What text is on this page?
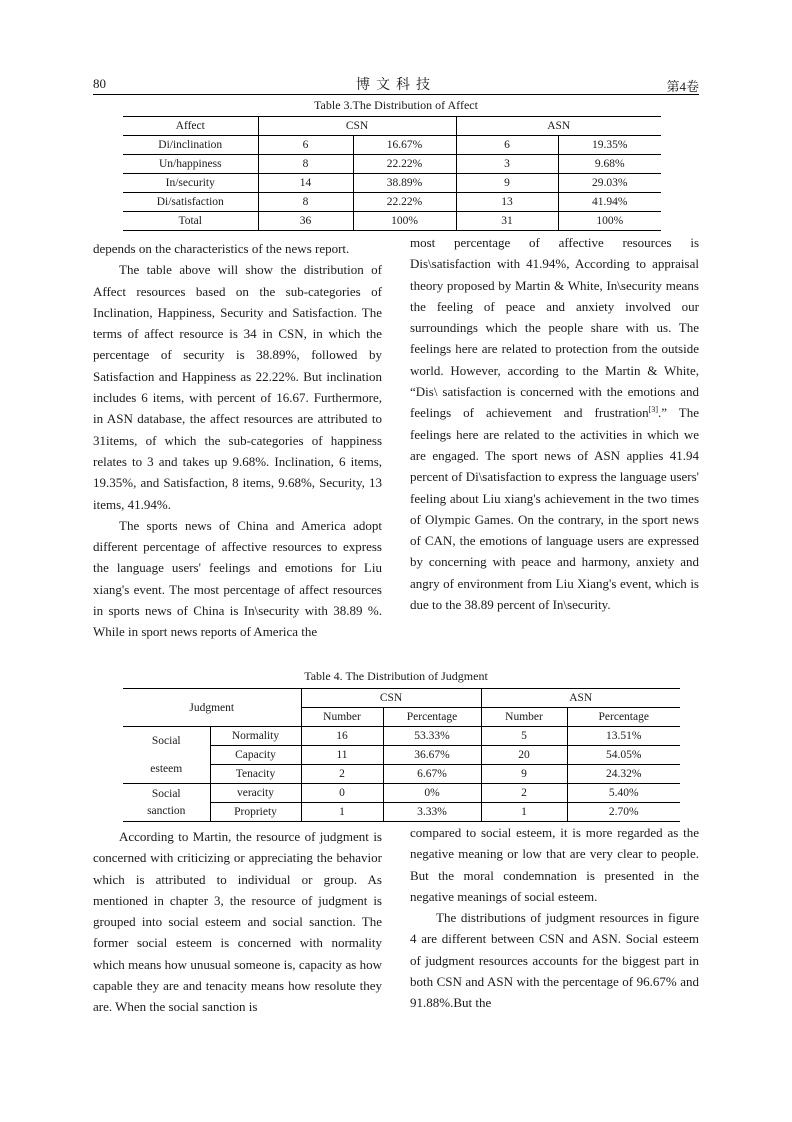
80	博文科技	第4卷
Table 3.The Distribution of Affect
Affect	CSN		ASN	
Di/inclination	6	16.67%	6	19.35%
Un/happiness	8	22.22%	3	9.68%
In/security	14	38.89%	9	29.03%
Di/satisfaction	8	22.22%	13	41.94%
Total	36	100%	31	100%

depends on the characteristics of the news report.

The table above will show the distribution of Affect resources based on the sub-categories of Inclination, Happiness, Security and Satisfaction. The terms of affect resource is 34 in CSN, in which the percentage of security is 38.89%, followed by Satisfaction and Happiness as 22.22%. But inclination includes 6 items, with percent of 16.67. Furthermore, in ASN database, the affect resources are attributed to 31items, of which the sub-categories of happiness relates to 3 and takes up 9.68%. Inclination, 6 items, 19.35%, and Satisfaction, 8 items, 9.68%, Security, 13 items, 41.94%.

The sports news of China and America adopt different percentage of affective resources to express the language users' feelings and emotions for Liu xiang's event. The most percentage of affect resources in sports news of China is In\security with 38.89 %. While in sport news reports of America the

most percentage of affective resources is Dis\satisfaction with 41.94%, According to appraisal theory proposed by Martin & White, In\security means the feeling of peace and anxiety involved our surroundings which the people share with us. The feelings here are related to protection from the outside world. However, according to the Martin & White, “Dis\ satisfaction is concerned with the emotions and feelings of achievement and frustration[3].” The feelings here are related to the activities in which we are engaged. The sport news of ASN applies 41.94 percent of Di\satisfaction to express the language users' feeling about Liu xiang's achievement in the two times of Olympic Games. On the contrary, in the sport news of CAN, the emotions of language users are expressed by concerning with peace and harmony, anxiety and angry of environment from Liu Xiang's event, which is due to the 38.89 percent of In\security.

Table 4. The Distribution of Judgment
Judgment		CSN		ASN	
		Number	Percentage	Number	Percentage
Social
esteem	Normality	16	53.33%	5	13.51%
	Capacity	11	36.67%	20	54.05%
	Tenacity	2	6.67%	9	24.32%
Social
sanction	veracity	0	0%	2	5.40%
	Propriety	1	3.33%	1	2.70%

According to Martin, the resource of judgment is concerned with criticizing or appreciating the behavior which is attributed to individual or group. As mentioned in chapter 3, the resource of judgment is grouped into social esteem and social sanction. The former social esteem is concerned with normality which means how unusual someone is, capacity as how capable they are and tenacity means how resolute they are. When the social sanction is

compared to social esteem, it is more regarded as the negative meaning or low that are very clear to people. But the moral condemnation is presented in the negative meanings of social esteem.

The distributions of judgment resources in figure 4 are different between CSN and ASN. Social esteem of judgment resources accounts for the biggest part in both CSN and ASN with the percentage of 96.67% and 91.88%.But the
